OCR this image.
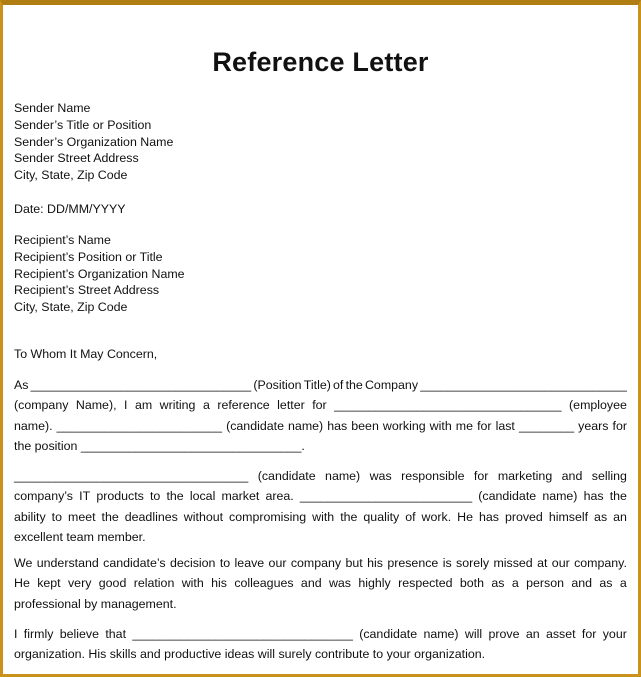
Reference Letter
Sender Name
Sender’s Title or Position
Sender’s Organization Name
Sender Street Address
City, State, Zip Code
Date: DD/MM/YYYY
Recipient’s Name
Recipient’s Position or Title
Recipient’s Organization Name
Recipient’s Street Address
City, State, Zip Code
To Whom It May Concern,
As ________________________________ (Position Title) of the Company ______________________________
(company Name), I am writing a reference letter for _________________________________ (employee
name). ________________________ (candidate name) has been working with me for last ________ years for
the position ________________________________.
__________________________________ (candidate name) was responsible for marketing and selling
company’s IT products to the local market area. _________________________ (candidate name) has the
ability to meet the deadlines without compromising with the quality of work. He has proved himself as an
excellent team member.
We understand candidate’s decision to leave our company but his presence is sorely missed at our company.
He kept very good relation with his colleagues and was highly respected both as a person and as a
professional by management.
I firmly believe that ________________________________ (candidate name) will prove an asset for your
organization. His skills and productive ideas will surely contribute to your organization.
